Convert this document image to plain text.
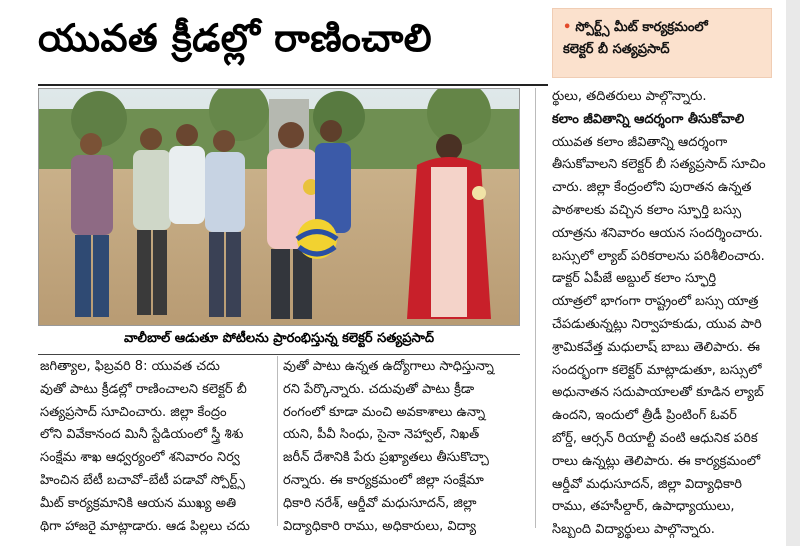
యువత క్రీడల్లో రాణించాలి	• స్పోర్ట్స్ మీట్ కార్యక్రమంలో
కలెక్టర్ బీ సత్యప్రసాద్
వాలీబాల్ ఆడుతూ పోటీలను ప్రారంభిస్తున్న కలెక్టర్ సత్యప్రసాద్
జగిత్యాల, ఫిబ్రవరి 8: యువత చదు
వుతో పాటు క్రీడల్లో రాణించాలని కలెక్టర్ బీ
సత్యప్రసాద్ సూచించారు. జిల్లా కేంద్రం
లోని వివేకానంద మినీ స్టేడియంలో స్త్రీ శిశు
సంక్షేమ శాఖ ఆధ్వర్యంలో శనివారం నిర్వ
హించిన బేటీ బచావో–బేటీ పడావో స్పోర్ట్స్
మీట్ కార్యక్రమానికి ఆయన ముఖ్య అతి
థిగా హాజరై మాట్లాడారు. ఆడ పిల్లలు చదు
వుతో పాటు ఉన్నత ఉద్యోగాలు సాధిస్తున్నా
రని పేర్కొన్నారు. చదువుతో పాటు క్రీడా
రంగంలో కూడా మంచి అవకాశాలు ఉన్నా
యని, పీవీ సింధు, సైనా నెహ్వాల్, నిఖత్
జరీన్ దేశానికి పేరు ప్రఖ్యాతలు తీసుకొచ్చా
రన్నారు. ఈ కార్యక్రమంలో జిల్లా సంక్షేమా
ధికారి నరేశ్, ఆర్డీవో మధుసూదన్, జిల్లా
విద్యాధికారి రాము, అధికారులు, విద్యా
ర్థులు, తదితరులు పాల్గొన్నారు.
కలాం జీవితాన్ని ఆదర్శంగా తీసుకోవాలి
యువత కలాం జీవితాన్ని ఆదర్శంగా
తీసుకోవాలని కలెక్టర్ బీ సత్యప్రసాద్ సూచిం
చారు. జిల్లా కేంద్రంలోని పురాతన ఉన్నత
పాఠశాలకు వచ్చిన కలాం స్ఫూర్తి బస్సు
యాత్రను శనివారం ఆయన సందర్శించారు.
బస్సులో ల్యాబ్ పరికరాలను పరిశీలించారు.
డాక్టర్ ఏపీజే అబ్దుల్ కలాం స్ఫూర్తి
యాత్రలో భాగంగా రాష్ట్రంలో బస్సు యాత్ర
చేపడుతున్నట్లు నిర్వాహకుడు, యువ పారి
శ్రామికవేత్త మధులాష్ బాబు తెలిపారు. ఈ
సందర్భంగా కలెక్టర్ మాట్లాడుతూ, బస్సులో
అధునాతన సదుపాయాలతో కూడిన ల్యాబ్
ఉందని, ఇందులో త్రీడీ ప్రింటింగ్ ఓవర్
బోర్డ్, ఆర్సన్ రియాల్టీ వంటి ఆధునిక పరిక
రాలు ఉన్నట్లు తెలిపారు. ఈ కార్యక్రమంలో
ఆర్డీవో మధుసూదన్, జిల్లా విద్యాధికారి
రాము, తహసీల్దార్, ఉపాధ్యాయులు,
సిబ్బంది విద్యార్థులు పాల్గొన్నారు.
